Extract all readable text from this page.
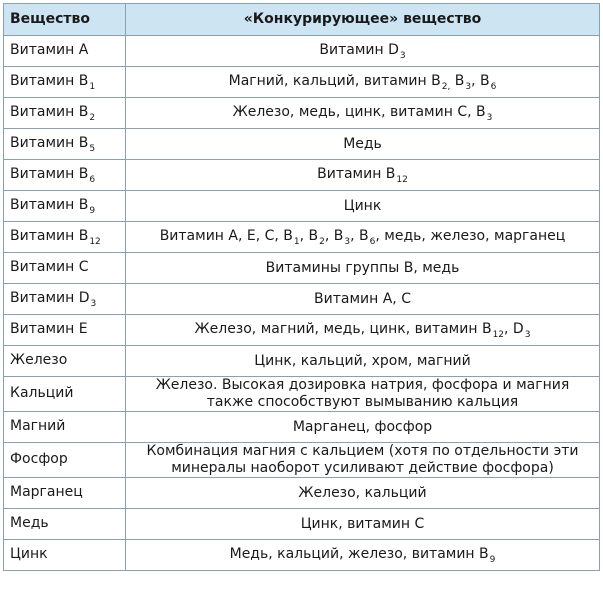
Вещество	«Конкурирующее» вещество
Витамин А	Витамин $D_3$
Витамин $В_1$	Магний, кальций, витамин $В_{2,}$ $В_3$, $В_6$
Витамин $В_2$	Железо, медь, цинк, витамин С, $В_3$
Витамин $В_5$	Медь
Витамин $В_6$	Витамин $В_{12}$
Витамин $В_9$	Цинк
Витамин $В_{12}$	Витамин А, Е, С, $В_1$, $В_2$, $В_3$, $В_6$, медь, железо, марганец
Витамин С	Витамины группы В, медь
Витамин $D_3$	Витамин А, С
Витамин Е	Железо, магний, медь, цинк, витамин $В_{12}$, $D_3$
Железо	Цинк, кальций, хром, магний
Кальций	Железо. Высокая дозировка натрия, фосфора и магния
также способствуют вымыванию кальция
Магний	Марганец, фосфор
Фосфор	Комбинация магния с кальцием (хотя по отдельности эти
минералы наоборот усиливают действие фосфора)
Марганец	Железо, кальций
Медь	Цинк, витамин С
Цинк	Медь, кальций, железо, витамин $В_9$
